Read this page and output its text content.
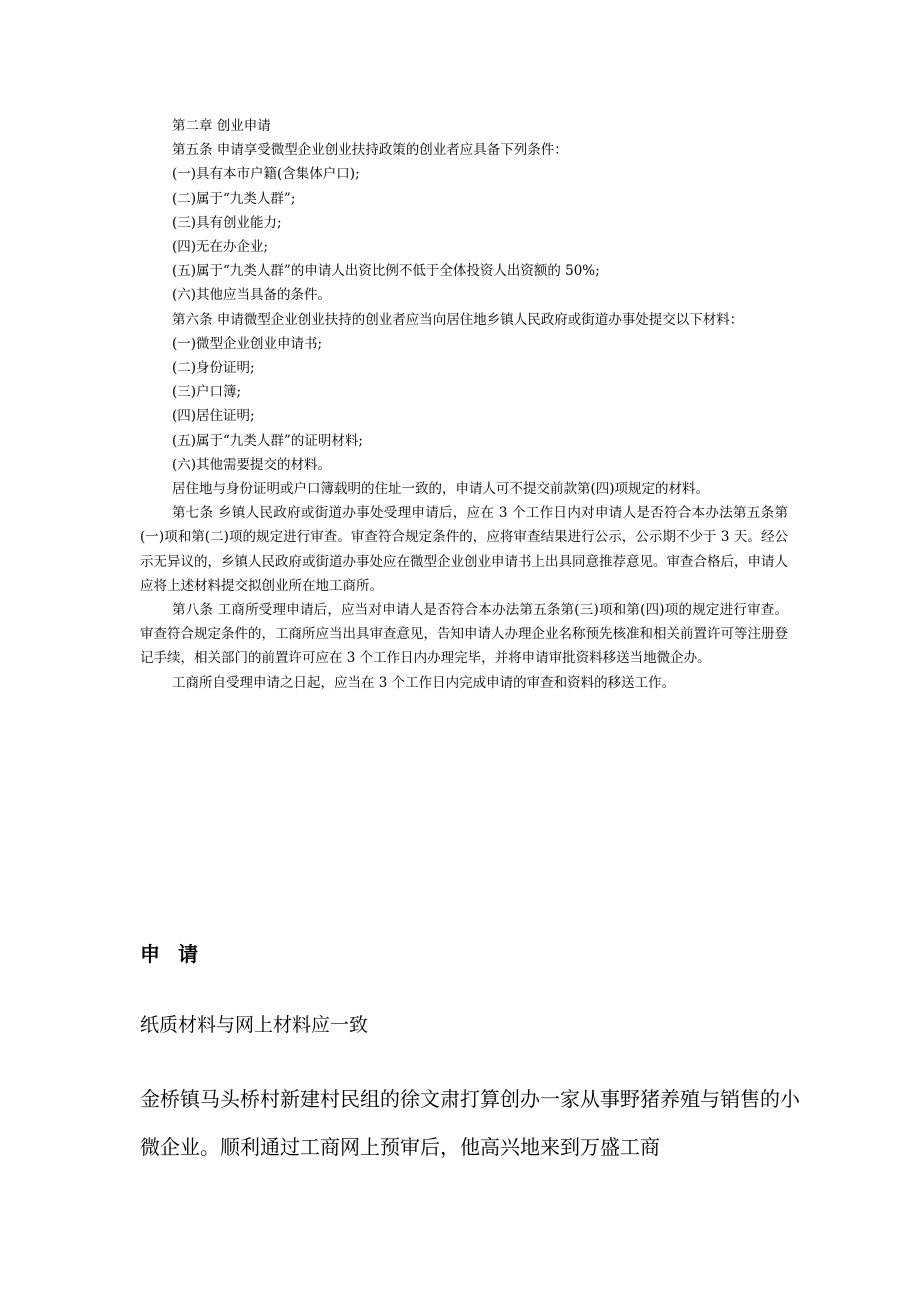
第二章 创业申请

第五条 申请享受微型企业创业扶持政策的创业者应具备下列条件：

(一)具有本市户籍(含集体户口);

(二)属于“九类人群”;

(三)具有创业能力;

(四)无在办企业;

(五)属于“九类人群”的申请人出资比例不低于全体投资人出资额的 50%;

(六)其他应当具备的条件。

第六条 申请微型企业创业扶持的创业者应当向居住地乡镇人民政府或街道办事处提交以下材料：

(一)微型企业创业申请书;

(二)身份证明;

(三)户口簿;

(四)居住证明;

(五)属于“九类人群”的证明材料;

(六)其他需要提交的材料。

居住地与身份证明或户口簿载明的住址一致的，申请人可不提交前款第(四)项规定的材料。

第七条 乡镇人民政府或街道办事处受理申请后，应在 3 个工作日内对申请人是否符合本办法第五条第(一)项和第(二)项的规定进行审查。审查符合规定条件的，应将审查结果进行公示，公示期不少于 3 天。经公示无异议的，乡镇人民政府或街道办事处应在微型企业创业申请书上出具同意推荐意见。审查合格后，申请人应将上述材料提交拟创业所在地工商所。

第八条 工商所受理申请后，应当对申请人是否符合本办法第五条第(三)项和第(四)项的规定进行审查。审查符合规定条件的，工商所应当出具审查意见，告知申请人办理企业名称预先核准和相关前置许可等注册登记手续，相关部门的前置许可应在 3 个工作日内办理完毕，并将申请审批资料移送当地微企办。

工商所自受理申请之日起，应当在 3 个工作日内完成申请的审查和资料的移送工作。

申请

纸质材料与网上材料应一致

金桥镇马头桥村新建村民组的徐文肃打算创办一家从事野猪养殖与销售的小微企业。顺利通过工商网上预审后，他高兴地来到万盛工商
